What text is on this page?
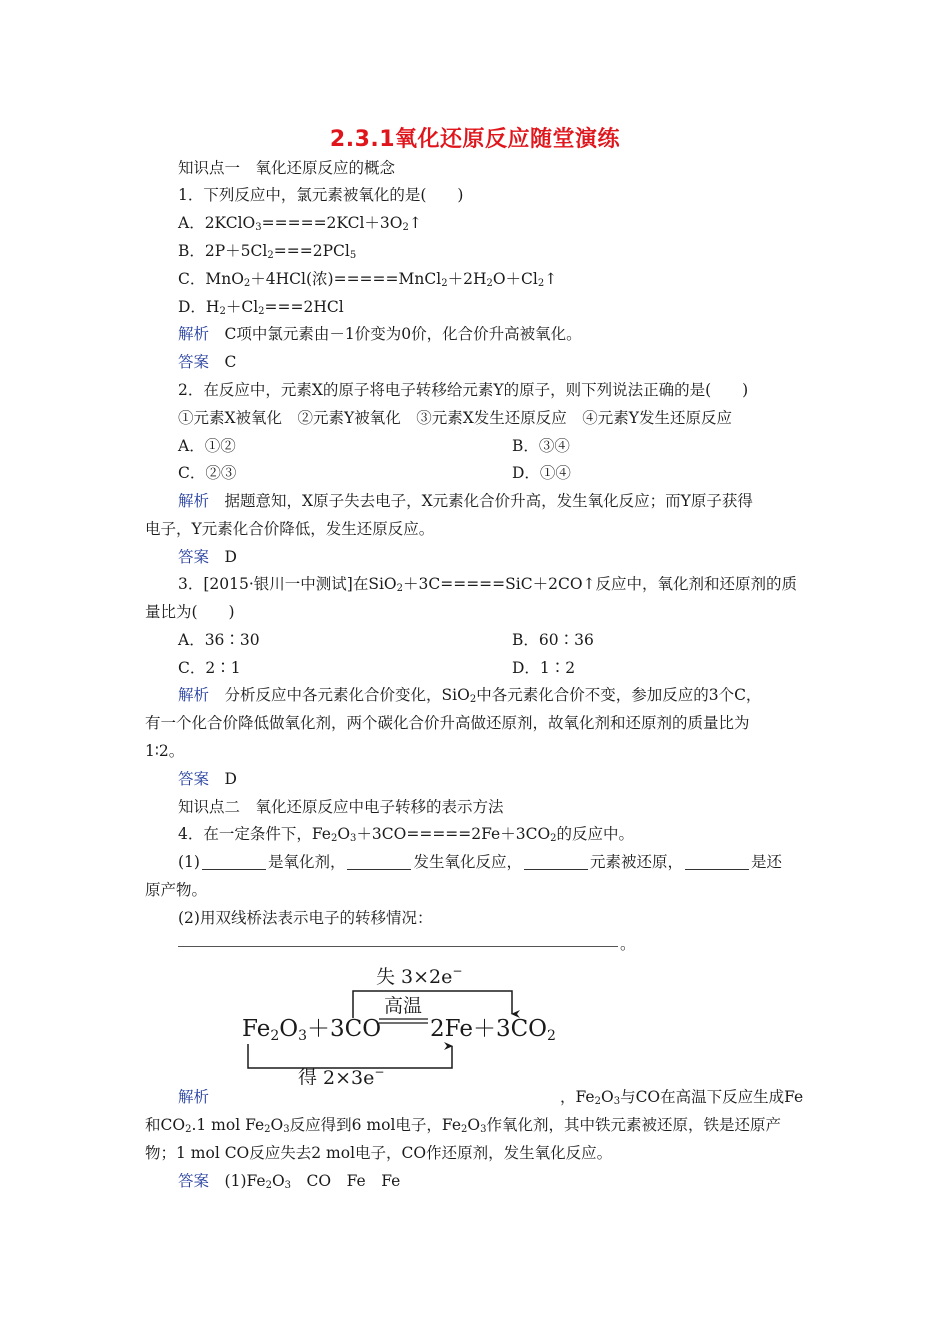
2.3.1氧化还原反应随堂演练
知识点一　氧化还原反应的概念
1．下列反应中，氯元素被氧化的是(　　)
A．$2KClO_3=====2KCl+3O_2↑$
B．$2P+5Cl_2===2PCl_5$
C．MnO$_2$＋4HCl(浓)$=====MnCl_2+2H_2O+Cl_2↑$
D．$H_2+Cl_2===2HCl$
解析　 C项中氯元素由－1价变为0价，化合价升高被氧化。
答案　 C
2．在反应中，元素X的原子将电子转移给元素Y的原子，则下列说法正确的是(　　)
①元素X被氧化　②元素Y被氧化　③元素X发生还原反应　④元素Y发生还原反应
A．①②	B．③④
C．②③	D．①④
解析　 据题意知，X原子失去电子，X元素化合价升高，发生氧化反应；而Y原子获得
电子，Y元素化合价降低，发生还原反应。
答案　 D
3．[2015·银川一中测试]在SiO$_2$＋3C=====SiC＋2CO↑反应中，氧化剂和还原剂的质
量比为(　　)
A．36∶30	B．60∶36
C．2∶1	D．1∶2
解析　 分析反应中各元素化合价变化，SiO$_2$中各元素化合价不变，参加反应的3个C，
有一个化合价降低做氧化剂，两个碳化合价升高做还原剂，故氧化剂和还原剂的质量比为
1∶2。
答案　 D
知识点二　氧化还原反应中电子转移的表示方法
4．在一定条件下，$Fe_2O_3+3CO=====2Fe+3CO_2$的反应中。
(1)	是氧化剂，	发生氧化反应，	元素被还原，	是还
原产物。
(2)用双线桥法表示电子的转移情况：
。
失 3×2e−
高温
Fe2O3＋3CO 2Fe＋3CO2
得 2×3e−
解析	，$Fe_2O_3$与CO在高温下反应生成Fe
和$CO_2.1$ mol $Fe_2O_3$反应得到6 mol电子，$Fe_2O_3$作氧化剂，其中铁元素被还原，铁是还原产
物；1 mol CO反应失去2 mol电子，CO作还原剂，发生氧化反应。
答案　 $(1)Fe_2O_3$　CO　Fe　Fe
